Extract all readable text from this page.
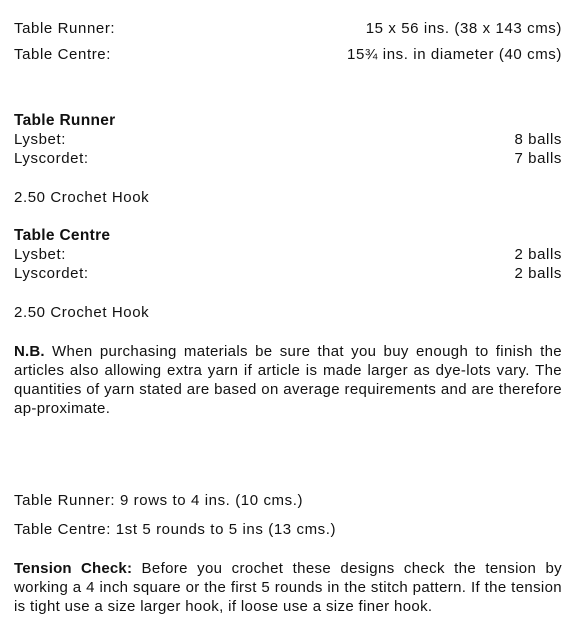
Table Runner:	15 x 56 ins. (38 x 143 cms)
Table Centre:	15¾ ins. in diameter (40 cms)
Table Runner
Lysbet:	8 balls
Lyscordet:	7 balls
2.50 Crochet Hook
Table Centre
Lysbet:	2 balls
Lyscordet:	2 balls
2.50 Crochet Hook
N.B. When purchasing materials be sure that you buy enough to finish the articles also allowing extra yarn if article is made larger as dye-lots vary. The quantities of yarn stated are based on average requirements and are therefore ap-proximate.
Table Runner: 9 rows to 4 ins. (10 cms.)
Table Centre: 1st 5 rounds to 5 ins (13 cms.)
Tension Check: Before you crochet these designs check the tension by working a 4 inch square or the first 5 rounds in the stitch pattern. If the tension is tight use a size larger hook, if loose use a size finer hook.
